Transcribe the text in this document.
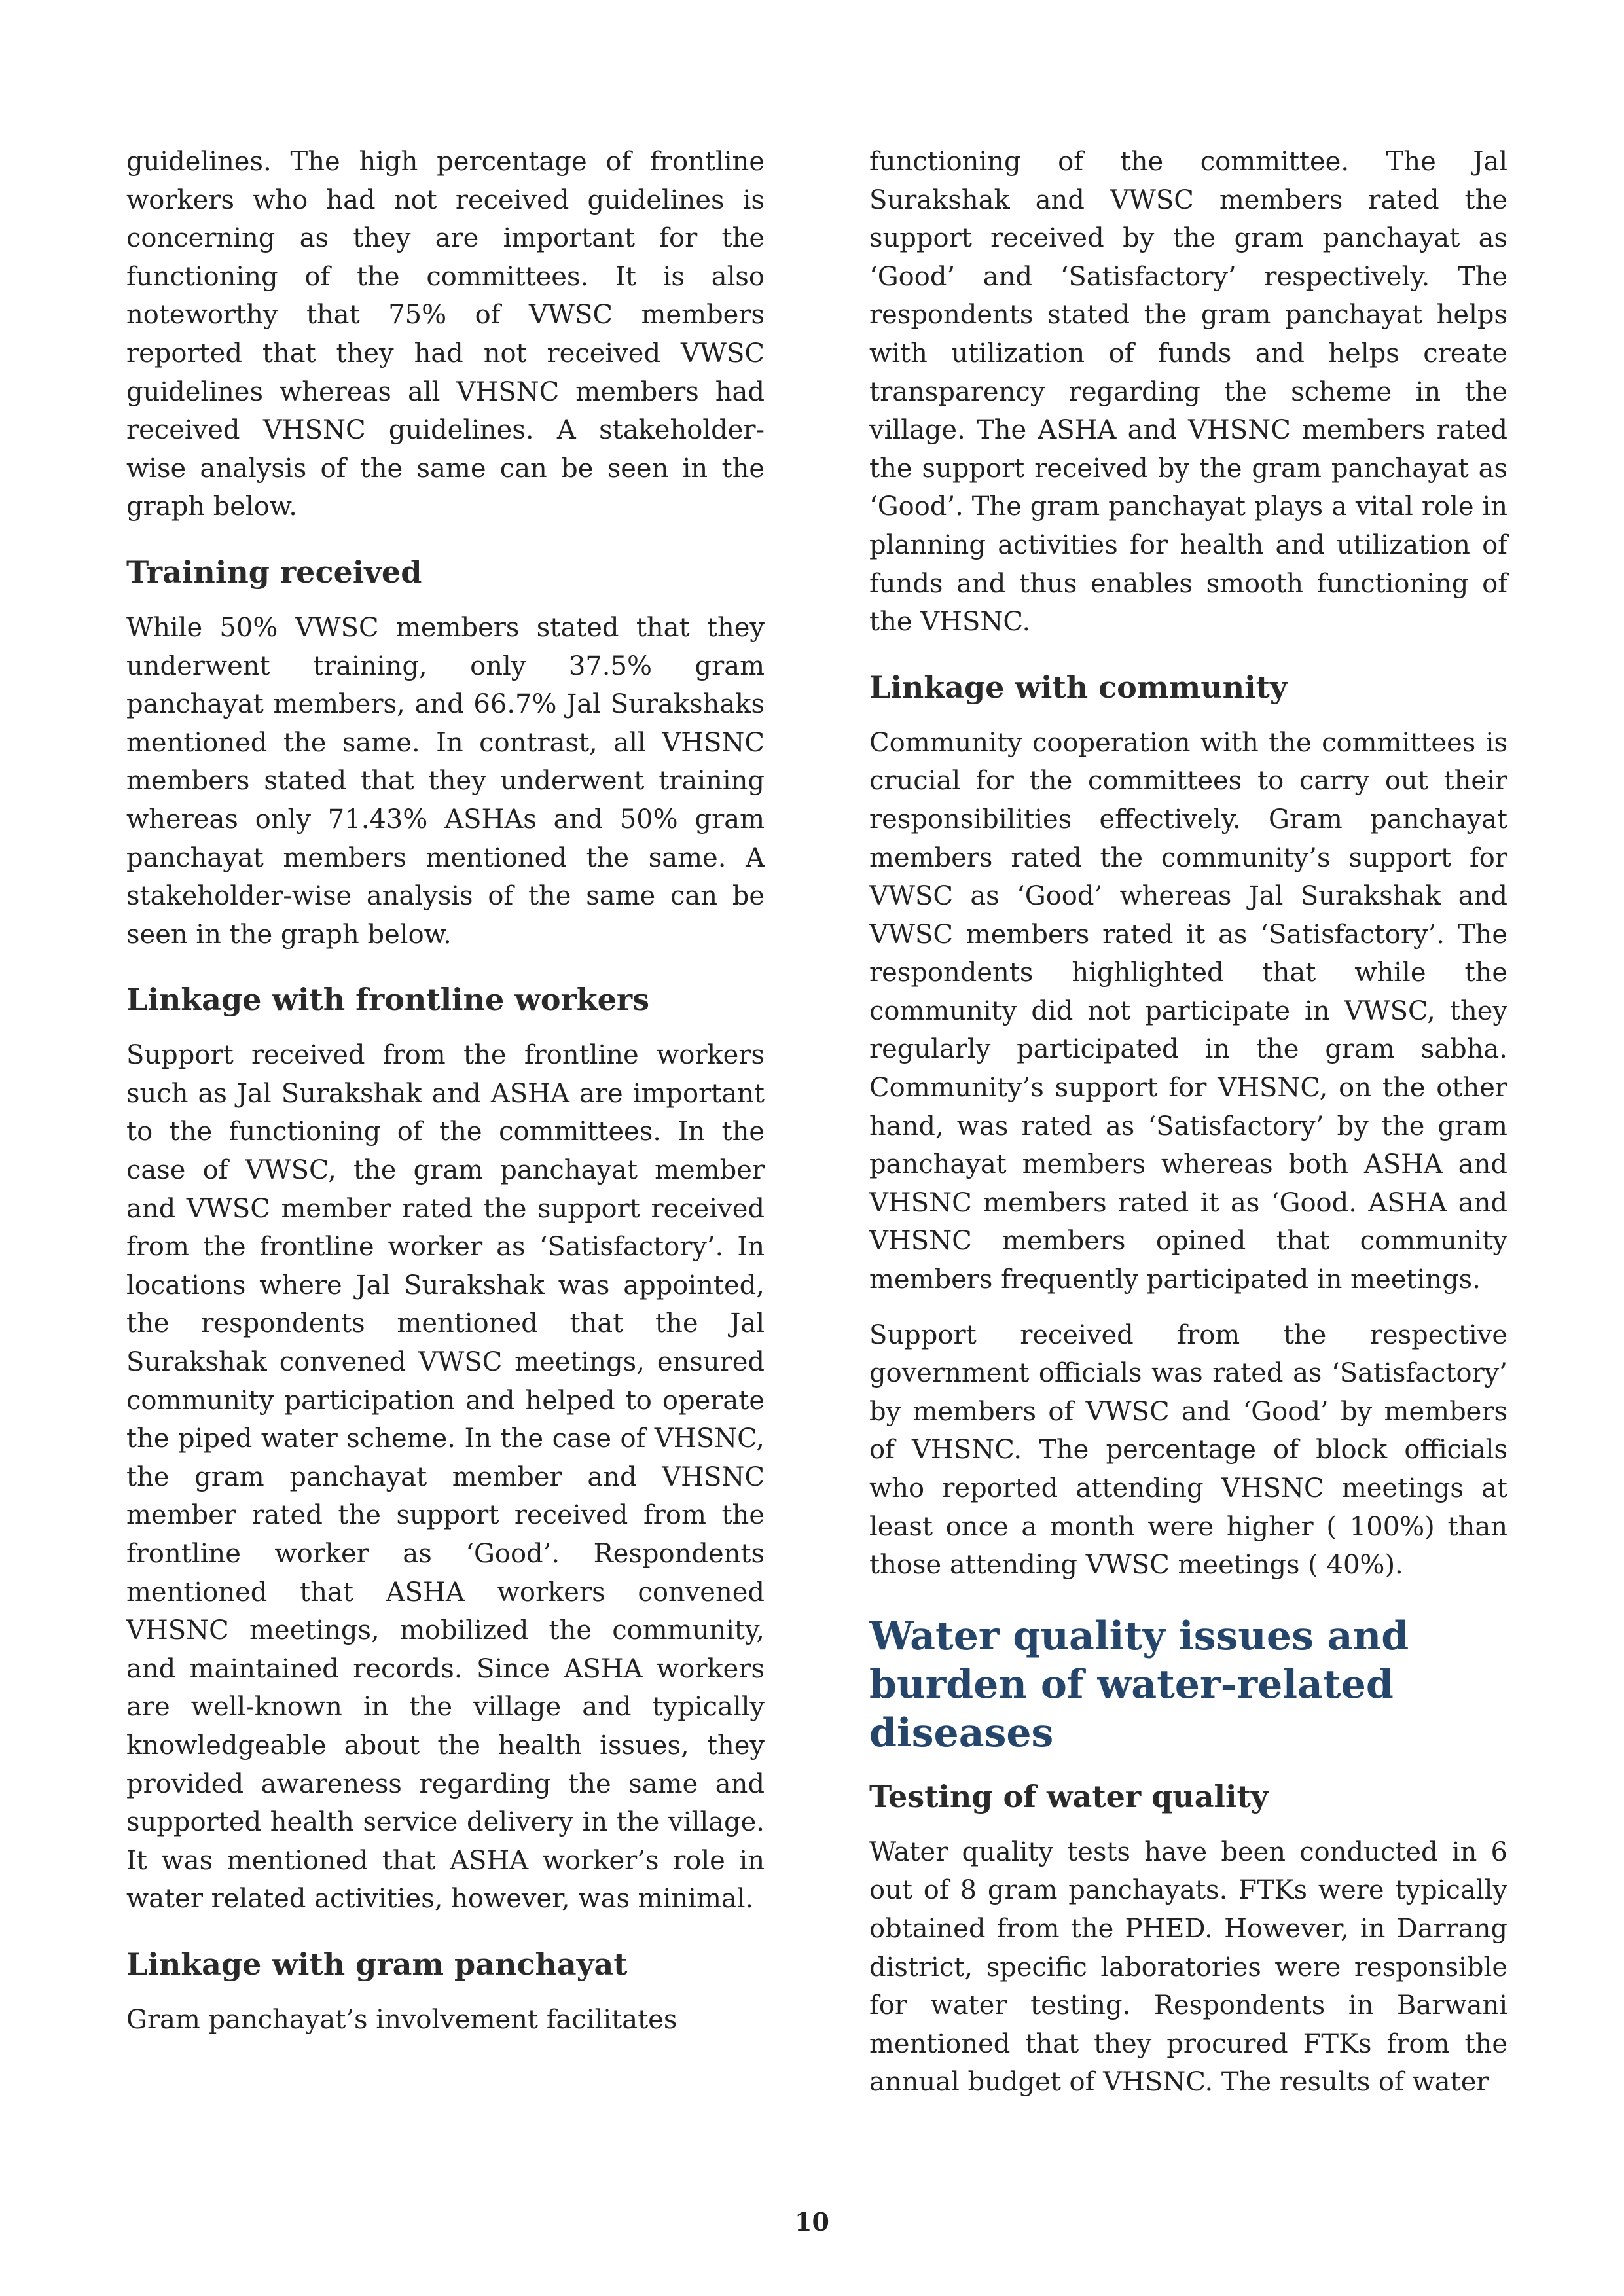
guidelines. The high percentage of frontline workers who had not received guidelines is concerning as they are important for the functioning of the committees. It is also noteworthy that 75% of VWSC members reported that they had not received VWSC guidelines whereas all VHSNC members had received VHSNC guidelines. A stakeholder-wise analysis of the same can be seen in the graph below.

Training received

While 50% VWSC members stated that they underwent training, only 37.5% gram panchayat members, and 66.7% Jal Surakshaks mentioned the same. In contrast, all VHSNC members stated that they underwent training whereas only 71.43% ASHAs and 50% gram panchayat members mentioned the same. A stakeholder-wise analysis of the same can be seen in the graph below.

Linkage with frontline workers

Support received from the frontline workers such as Jal Surakshak and ASHA are important to the functioning of the committees. In the case of VWSC, the gram panchayat member and VWSC member rated the support received from the frontline worker as ‘Satisfactory’. In locations where Jal Surakshak was appointed, the respondents mentioned that the Jal Surakshak convened VWSC meetings, ensured community participation and helped to operate the piped water scheme. In the case of VHSNC, the gram panchayat member and VHSNC member rated the support received from the frontline worker as ‘Good’. Respondents mentioned that ASHA workers convened VHSNC meetings, mobilized the community, and maintained records. Since ASHA workers are well-known in the village and typically knowledgeable about the health issues, they provided awareness regarding the same and supported health service delivery in the village. It was mentioned that ASHA worker’s role in water related activities, however, was minimal.

Linkage with gram panchayat

Gram panchayat’s involvement facilitates

functioning of the committee. The Jal Surakshak and VWSC members rated the support received by the gram panchayat as ‘Good’ and ‘Satisfactory’ respectively. The respondents stated the gram panchayat helps with utilization of funds and helps create transparency regarding the scheme in the village. The ASHA and VHSNC members rated the support received by the gram panchayat as ‘Good’. The gram panchayat plays a vital role in planning activities for health and utilization of funds and thus enables smooth functioning of the VHSNC.

Linkage with community

Community cooperation with the committees is crucial for the committees to carry out their responsibilities effectively. Gram panchayat members rated the community’s support for VWSC as ‘Good’ whereas Jal Surakshak and VWSC members rated it as ‘Satisfactory’. The respondents highlighted that while the community did not participate in VWSC, they regularly participated in the gram sabha. Community’s support for VHSNC, on the other hand, was rated as ‘Satisfactory’ by the gram panchayat members whereas both ASHA and VHSNC members rated it as ‘Good. ASHA and VHSNC members opined that community members frequently participated in meetings.

Support received from the respective government officials was rated as ‘Satisfactory’ by members of VWSC and ‘Good’ by members of VHSNC. The percentage of block officials who reported attending VHSNC meetings at least once a month were higher ( 100%) than those attending VWSC meetings ( 40%).

Water quality issues and burden of water-related diseases
Testing of water quality

Water quality tests have been conducted in 6 out of 8 gram panchayats. FTKs were typically obtained from the PHED. However, in Darrang district, specific laboratories were responsible for water testing. Respondents in Barwani mentioned that they procured FTKs from the annual budget of VHSNC. The results of water

10
